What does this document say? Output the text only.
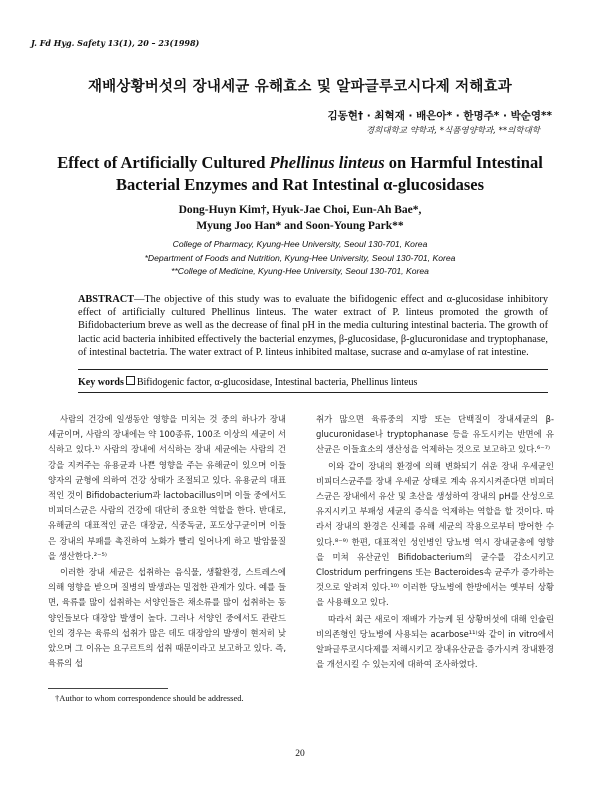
J. Fd Hyg. Safety 13(1), 20 – 23(1998)
재배상황버섯의 장내세균 유해효소 및 알파글루코시다제 저해효과
김동현† · 최혁재 · 배은아* · 한명주* · 박순영**
경희대학교 약학과, *식품영양학과, **의학대학
Effect of Artificially Cultured Phellinus linteus on Harmful Intestinal
Bacterial Enzymes and Rat Intestinal α-glucosidases
Dong-Huyn Kim†, Hyuk-Jae Choi, Eun-Ah Bae*,
Myung Joo Han* and Soon-Young Park**
College of Pharmacy, Kyung-Hee University, Seoul 130-701, Korea
*Department of Foods and Nutrition, Kyung-Hee University, Seoul 130-701, Korea
**College of Medicine, Kyung-Hee University, Seoul 130-701, Korea
ABSTRACT—The objective of this study was to evaluate the bifidogenic effect and α-glucosidase inhibitory effect of artificially cultured Phellinus linteus. The water extract of P. linteus promoted the growth of Bifidobacterium breve as well as the decrease of final pH in the media culturing intestinal bacteria. The growth of lactic acid bacteria inhibited effectively the bacterial enzymes, β-glucosidase, β-glucuronidase and tryptophanase, of intestinal bactetria. The water extract of P. linteus inhibited maltase, sucrase and α-amylase of rat intestine.
Key words Bifidogenic factor, α-glucosidase, Intestinal bacteria, Phellinus linteus

사람의 건강에 일생동안 영향을 미치는 것 중의 하나가 장내 세균이며, 사람의 장내에는 약 100종류, 100조 이상의 세균이 서식하고 있다.¹⁾ 사람의 장내에 서식하는 장내 세균에는 사람의 건강을 지켜주는 유용균과 나쁜 영향을 주는 유해균이 있으며 이들 양자의 균형에 의하여 건강 상태가 조절되고 있다. 유용균의 대표적인 것이 Bifidobacterium과 lactobacillus이며 이들 중에서도 비피더스균은 사람의 건강에 대단히 중요한 역할을 한다. 반대로, 유해균의 대표적인 균은 대장균, 식중독균, 포도상구균이며 이들은 장내의 부패를 촉진하여 노화가 빨리 일어나게 하고 발암물질을 생산한다.²⁻⁵⁾

이러한 장내 세균은 섭취하는 음식물, 생활환경, 스트레스에 의해 영향을 받으며 질병의 발생과는 밀접한 관계가 있다. 예를 들면, 육류를 많이 섭취하는 서양인들은 채소류를 많이 섭취하는 동양인들보다 대장암 발생이 높다. 그러나 서양인 중에서도 관란드인의 경우는 육류의 섭취가 많은 데도 대장암의 발생이 현저히 낮았으며 그 이유는 요구르트의 섭취 때문이라고 보고하고 있다. 즉, 육류의 섭

취가 많으면 육류중의 지방 또는 단백질이 장내세균의 β-glucuronidase나 tryptophanase 등을 유도시키는 반면에 유산균은 이들효소의 생산성을 억제하는 것으로 보고하고 있다.⁶⁻⁷⁾

이와 같이 장내의 환경에 의해 변화되기 쉬운 장내 우세균인 비피더스균주를 장내 우세균 상태로 계속 유지시켜준다면 비피더스균은 장내에서 유산 및 초산을 생성하여 장내의 pH를 산성으로 유지시키고 부패성 세균의 증식을 억제하는 역할을 할 것이다. 따라서 장내의 환경은 신체를 유해 세균의 작용으로부터 방어한 수 있다.⁸⁻⁹⁾ 한편, 대표적인 성인병인 당뇨병 역시 장내균총에 영향을 미쳐 유산균인 Bifidobacterium의 균수를 감소시키고 Clostridum perfringens 또는 Bacteroides속 균주가 증가하는 것으로 알려져 있다.¹⁰⁾ 이러한 당뇨병에 한방에서는 옛부터 상황을 사용해오고 있다.

따라서 최근 새로이 재배가 가능케 된 상황버섯에 대해 인슐린 비의존형인 당뇨병에 사용되는 acarbose¹¹⁾와 같이 in vitro에서 알파글루코시다제를 저해시키고 장내유산균을 증가시켜 장내환경을 개선시킬 수 있는지에 대하여 조사하였다.

†Author to whom correspondence should be addressed.
20
